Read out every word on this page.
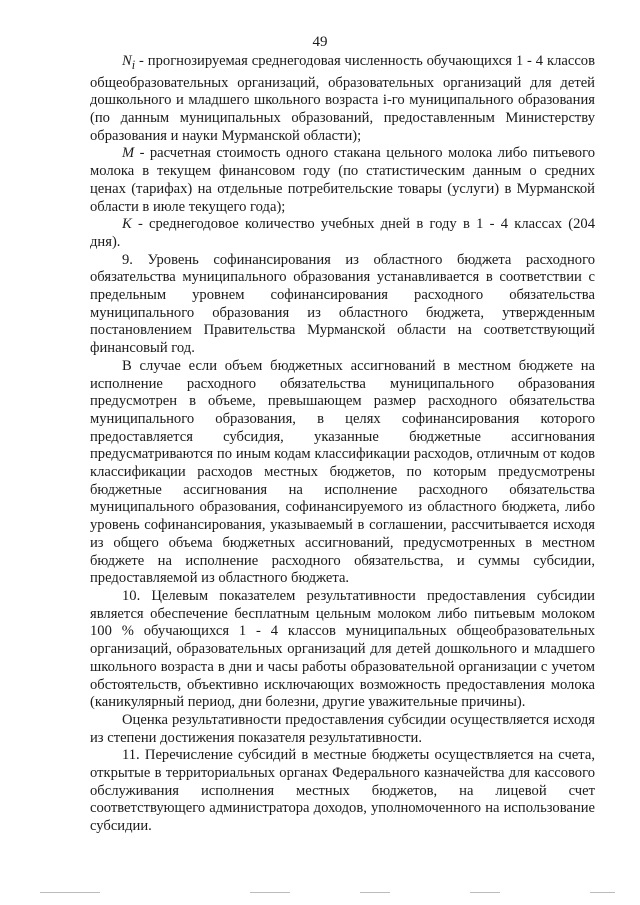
49

$N_i$ - прогнозируемая среднегодовая численность обучающихся 1 - 4 классов общеобразовательных организаций, образовательных организаций для детей дошкольного и младшего школьного возраста i-го муниципального образования (по данным муниципальных образований, предоставленным Министерству образования и науки Мурманской области);

М - расчетная стоимость одного стакана цельного молока либо питьевого молока в текущем финансовом году (по статистическим данным о средних ценах (тарифах) на отдельные потребительские товары (услуги) в Мурманской области в июле текущего года);

К - среднегодовое количество учебных дней в году в 1 - 4 классах (204 дня).

9. Уровень софинансирования из областного бюджета расходного обязательства муниципального образования устанавливается в соответствии с предельным уровнем софинансирования расходного обязательства муниципального образования из областного бюджета, утвержденным постановлением Правительства Мурманской области на соответствующий финансовый год.

В случае если объем бюджетных ассигнований в местном бюджете на исполнение расходного обязательства муниципального образования предусмотрен в объеме, превышающем размер расходного обязательства муниципального образования, в целях софинансирования которого предоставляется субсидия, указанные бюджетные ассигнования предусматриваются по иным кодам классификации расходов, отличным от кодов классификации расходов местных бюджетов, по которым предусмотрены бюджетные ассигнования на исполнение расходного обязательства муниципального образования, софинансируемого из областного бюджета, либо уровень софинансирования, указываемый в соглашении, рассчитывается исходя из общего объема бюджетных ассигнований, предусмотренных в местном бюджете на исполнение расходного обязательства, и суммы субсидии, предоставляемой из областного бюджета.

10. Целевым показателем результативности предоставления субсидии является обеспечение бесплатным цельным молоком либо питьевым молоком 100 % обучающихся 1 - 4 классов муниципальных общеобразовательных организаций, образовательных организаций для детей дошкольного и младшего школьного возраста в дни и часы работы образовательной организации с учетом обстоятельств, объективно исключающих возможность предоставления молока (каникулярный период, дни болезни, другие уважительные причины).

Оценка результативности предоставления субсидии осуществляется исходя из степени достижения показателя результативности.

11. Перечисление субсидий в местные бюджеты осуществляется на счета, открытые в территориальных органах Федерального казначейства для кассового обслуживания исполнения местных бюджетов, на лицевой счет соответствующего администратора доходов, уполномоченного на использование субсидии.
